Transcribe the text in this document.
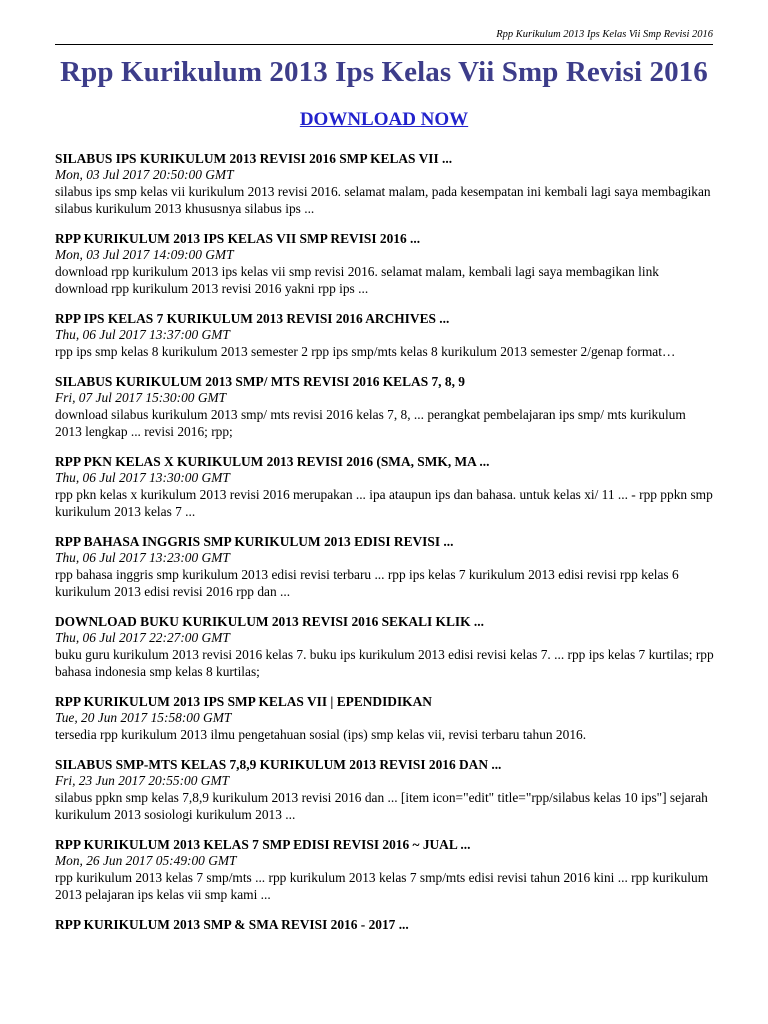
Rpp Kurikulum 2013 Ips Kelas Vii Smp Revisi 2016
Rpp Kurikulum 2013 Ips Kelas Vii Smp Revisi 2016
DOWNLOAD NOW
SILABUS IPS KURIKULUM 2013 REVISI 2016 SMP KELAS VII ...
Mon, 03 Jul 2017 20:50:00 GMT
silabus ips smp kelas vii kurikulum 2013 revisi 2016. selamat malam, pada kesempatan ini kembali lagi saya membagikan silabus kurikulum 2013 khususnya silabus ips ...
RPP KURIKULUM 2013 IPS KELAS VII SMP REVISI 2016 ...
Mon, 03 Jul 2017 14:09:00 GMT
download rpp kurikulum 2013 ips kelas vii smp revisi 2016. selamat malam, kembali lagi saya membagikan link download rpp kurikulum 2013 revisi 2016 yakni rpp ips ...
RPP IPS KELAS 7 KURIKULUM 2013 REVISI 2016 ARCHIVES ...
Thu, 06 Jul 2017 13:37:00 GMT
rpp ips smp kelas 8 kurikulum 2013 semester 2 rpp ips smp/mts kelas 8 kurikulum 2013 semester 2/genap format…
SILABUS KURIKULUM 2013 SMP/ MTS REVISI 2016 KELAS 7, 8, 9
Fri, 07 Jul 2017 15:30:00 GMT
download silabus kurikulum 2013 smp/ mts revisi 2016 kelas 7, 8, ... perangkat pembelajaran ips smp/ mts kurikulum 2013 lengkap ... revisi 2016; rpp;
RPP PKN KELAS X KURIKULUM 2013 REVISI 2016 (SMA, SMK, MA ...
Thu, 06 Jul 2017 13:30:00 GMT
rpp pkn kelas x kurikulum 2013 revisi 2016 merupakan ... ipa ataupun ips dan bahasa. untuk kelas xi/ 11 ... - rpp ppkn smp kurikulum 2013 kelas 7 ...
RPP BAHASA INGGRIS SMP KURIKULUM 2013 EDISI REVISI ...
Thu, 06 Jul 2017 13:23:00 GMT
rpp bahasa inggris smp kurikulum 2013 edisi revisi terbaru ... rpp ips kelas 7 kurikulum 2013 edisi revisi rpp kelas 6 kurikulum 2013 edisi revisi 2016 rpp dan ...
DOWNLOAD BUKU KURIKULUM 2013 REVISI 2016 SEKALI KLIK ...
Thu, 06 Jul 2017 22:27:00 GMT
buku guru kurikulum 2013 revisi 2016 kelas 7. buku ips kurikulum 2013 edisi revisi kelas 7. ... rpp ips kelas 7 kurtilas; rpp bahasa indonesia smp kelas 8 kurtilas;
RPP KURIKULUM 2013 IPS SMP KELAS VII | EPENDIDIKAN
Tue, 20 Jun 2017 15:58:00 GMT
tersedia rpp kurikulum 2013 ilmu pengetahuan sosial (ips) smp kelas vii, revisi terbaru tahun 2016.
SILABUS SMP-MTS KELAS 7,8,9 KURIKULUM 2013 REVISI 2016 DAN ...
Fri, 23 Jun 2017 20:55:00 GMT
silabus ppkn smp kelas 7,8,9 kurikulum 2013 revisi 2016 dan ... [item icon="edit" title="rpp/silabus kelas 10 ips"] sejarah kurikulum 2013 sosiologi kurikulum 2013 ...
RPP KURIKULUM 2013 KELAS 7 SMP EDISI REVISI 2016 ~ JUAL ...
Mon, 26 Jun 2017 05:49:00 GMT
rpp kurikulum 2013 kelas 7 smp/mts ... rpp kurikulum 2013 kelas 7 smp/mts edisi revisi tahun 2016 kini ... rpp kurikulum 2013 pelajaran ips kelas vii smp kami ...
RPP KURIKULUM 2013 SMP & SMA REVISI 2016 - 2017 ...
